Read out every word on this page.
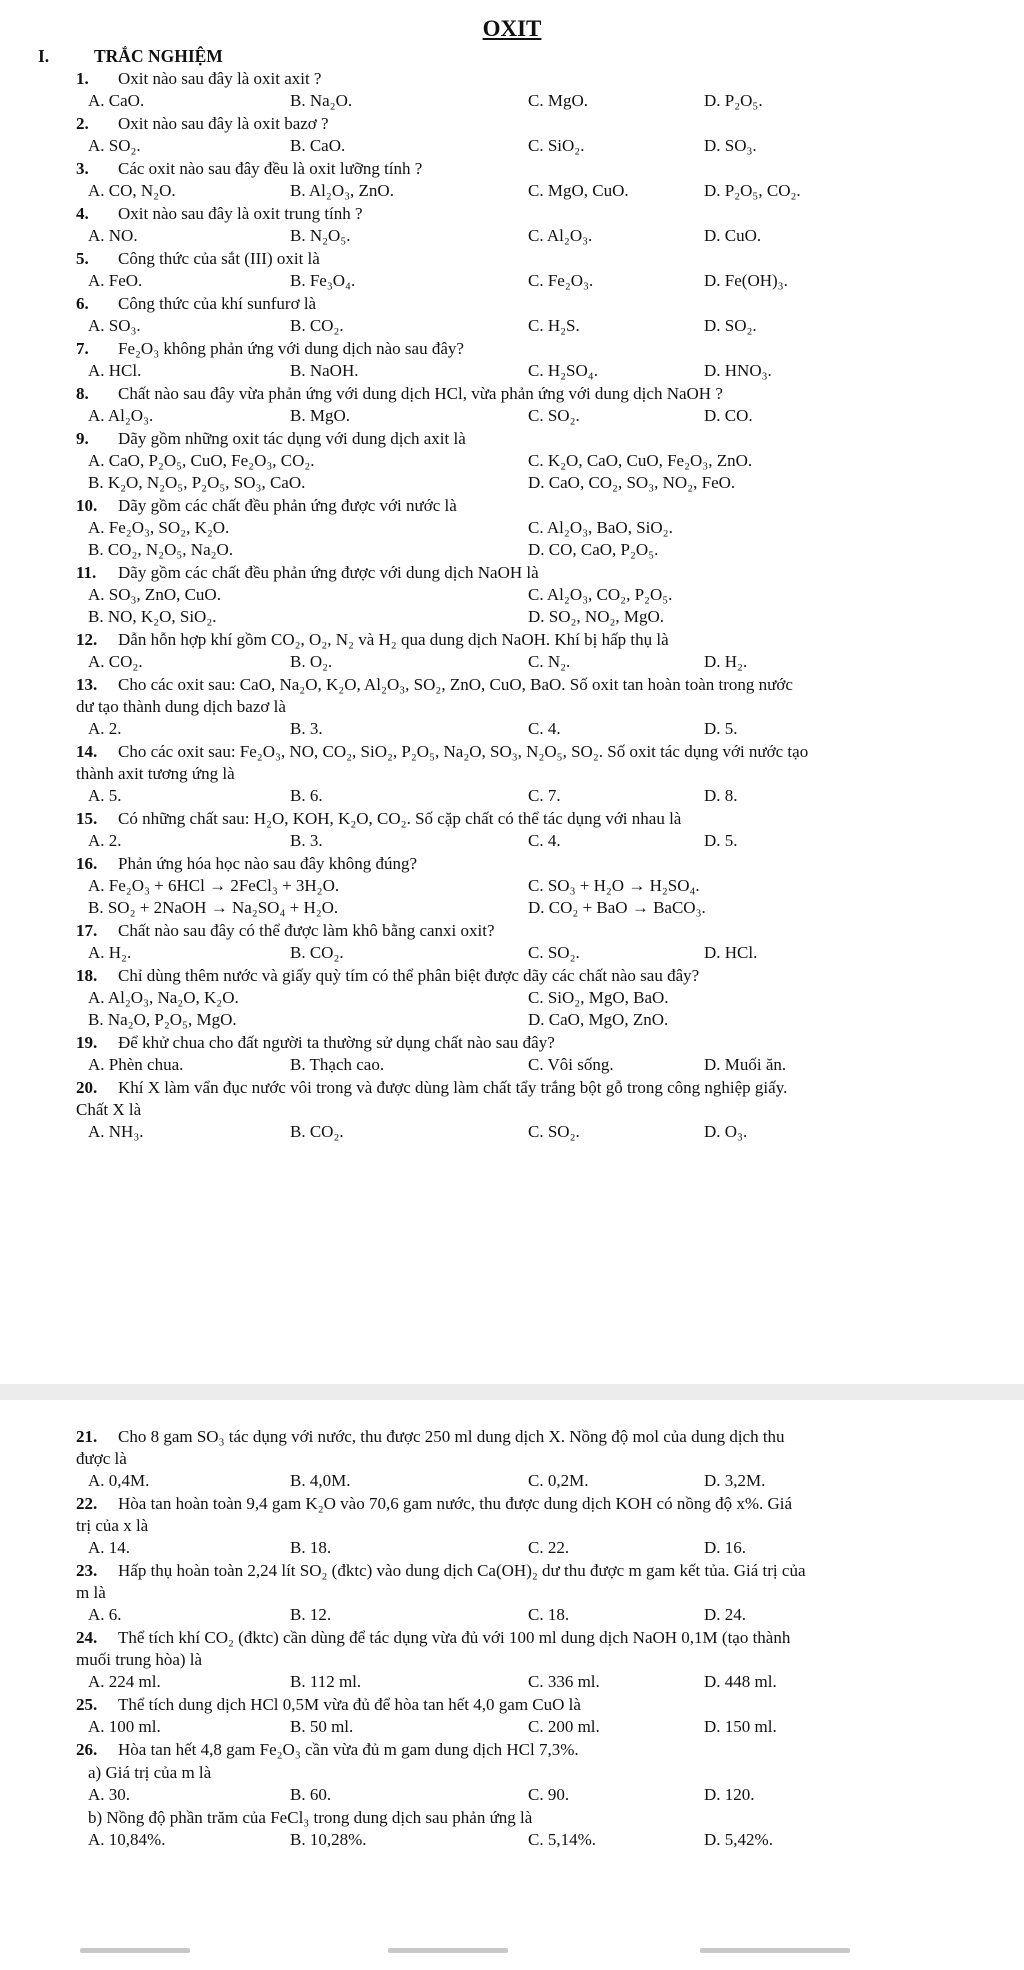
OXIT
I.	TRẮC NGHIỆM
1. Oxit nào sau đây là oxit axit ?
A. CaO.	B. Na₂O.	C. MgO.	D. P₂O₅.
2. Oxit nào sau đây là oxit bazơ ?
A. SO₂.	B. CaO.	C. SiO₂.	D. SO₃.
3. Các oxit nào sau đây đều là oxit lưỡng tính ?
A. CO, N₂O.	B. Al₂O₃, ZnO.	C. MgO, CuO.	D. P₂O₅, CO₂.
4. Oxit nào sau đây là oxit trung tính ?
A. NO.	B. N₂O₅.	C. Al₂O₃.	D. CuO.
5. Công thức của sắt (III) oxit là
A. FeO.	B. Fe₃O₄.	C. Fe₂O₃.	D. Fe(OH)₃.
6. Công thức của khí sunfurơ là
A. SO₃.	B. CO₂.	C. H₂S.	D. SO₂.
7. Fe₂O₃ không phản ứng với dung dịch nào sau đây?
A. HCl.	B. NaOH.	C. H₂SO₄.	D. HNO₃.
8. Chất nào sau đây vừa phản ứng với dung dịch HCl, vừa phản ứng với dung dịch NaOH ?
A. Al₂O₃.	B. MgO.	C. SO₂.	D. CO.
9. Dãy gồm những oxit tác dụng với dung dịch axit là
A. CaO, P₂O₅, CuO, Fe₂O₃, CO₂.	C. K₂O, CaO, CuO, Fe₂O₃, ZnO.
B. K₂O, N₂O₅, P₂O₅, SO₃, CaO.	D. CaO, CO₂, SO₃, NO₂, FeO.
10. Dãy gồm các chất đều phản ứng được với nước là
A. Fe₂O₃, SO₂, K₂O.	C. Al₂O₃, BaO, SiO₂.
B. CO₂, N₂O₅, Na₂O.	D. CO, CaO, P₂O₅.
11. Dãy gồm các chất đều phản ứng được với dung dịch NaOH là
A. SO₃, ZnO, CuO.	C. Al₂O₃, CO₂, P₂O₅.
B. NO, K₂O, SiO₂.	D. SO₂, NO₂, MgO.
12. Dẫn hỗn hợp khí gồm CO₂, O₂, N₂ và H₂ qua dung dịch NaOH. Khí bị hấp thụ là
A. CO₂.	B. O₂.	C. N₂.	D. H₂.
13. Cho các oxit sau: CaO, Na₂O, K₂O, Al₂O₃, SO₂, ZnO, CuO, BaO. Số oxit tan hoàn toàn trong nước
dư tạo thành dung dịch bazơ là
A. 2.	B. 3.	C. 4.	D. 5.
14. Cho các oxit sau: Fe₂O₃, NO, CO₂, SiO₂, P₂O₅, Na₂O, SO₃, N₂O₅, SO₂. Số oxit tác dụng với nước tạo
thành axit tương ứng là
A. 5.	B. 6.	C. 7.	D. 8.
15. Có những chất sau: H₂O, KOH, K₂O, CO₂. Số cặp chất có thể tác dụng với nhau là
A. 2.	B. 3.	C. 4.	D. 5.
16. Phản ứng hóa học nào sau đây không đúng?
A. Fe₂O₃ + 6HCl → 2FeCl₃ + 3H₂O.	C. SO₃ + H₂O → H₂SO₄.
B. SO₂ + 2NaOH → Na₂SO₄ + H₂O.	D. CO₂ + BaO → BaCO₃.
17. Chất nào sau đây có thể được làm khô bằng canxi oxit?
A. H₂.	B. CO₂.	C. SO₂.	D. HCl.
18. Chỉ dùng thêm nước và giấy quỳ tím có thể phân biệt được dãy các chất nào sau đây?
A. Al₂O₃, Na₂O, K₂O.	C. SiO₂, MgO, BaO.
B. Na₂O, P₂O₅, MgO.	D. CaO, MgO, ZnO.
19. Để khử chua cho đất người ta thường sử dụng chất nào sau đây?
A. Phèn chua.	B. Thạch cao.	C. Vôi sống.	D. Muối ăn.
20. Khí X làm vẩn đục nước vôi trong và được dùng làm chất tẩy trắng bột gỗ trong công nghiệp giấy.
Chất X là
A. NH₃.	B. CO₂.	C. SO₂.	D. O₃.
21. Cho 8 gam SO₃ tác dụng với nước, thu được 250 ml dung dịch X. Nồng độ mol của dung dịch thu
được là
A. 0,4M.	B. 4,0M.	C. 0,2M.	D. 3,2M.
22. Hòa tan hoàn toàn 9,4 gam K₂O vào 70,6 gam nước, thu được dung dịch KOH có nồng độ x%. Giá
trị của x là
A. 14.	B. 18.	C. 22.	D. 16.
23. Hấp thụ hoàn toàn 2,24 lít SO₂ (đktc) vào dung dịch Ca(OH)₂ dư thu được m gam kết tủa. Giá trị của
m là
A. 6.	B. 12.	C. 18.	D. 24.
24. Thể tích khí CO₂ (đktc) cần dùng để tác dụng vừa đủ với 100 ml dung dịch NaOH 0,1M (tạo thành
muối trung hòa) là
A. 224 ml.	B. 112 ml.	C. 336 ml.	D. 448 ml.
25. Thể tích dung dịch HCl 0,5M vừa đủ để hòa tan hết 4,0 gam CuO là
A. 100 ml.	B. 50 ml.	C. 200 ml.	D. 150 ml.
26. Hòa tan hết 4,8 gam Fe₂O₃ cần vừa đủ m gam dung dịch HCl 7,3%.
a) Giá trị của m là
A. 30.	B. 60.	C. 90.	D. 120.
b) Nồng độ phần trăm của FeCl₃ trong dung dịch sau phản ứng là
A. 10,84%.	B. 10,28%.	C. 5,14%.	D. 5,42%.
